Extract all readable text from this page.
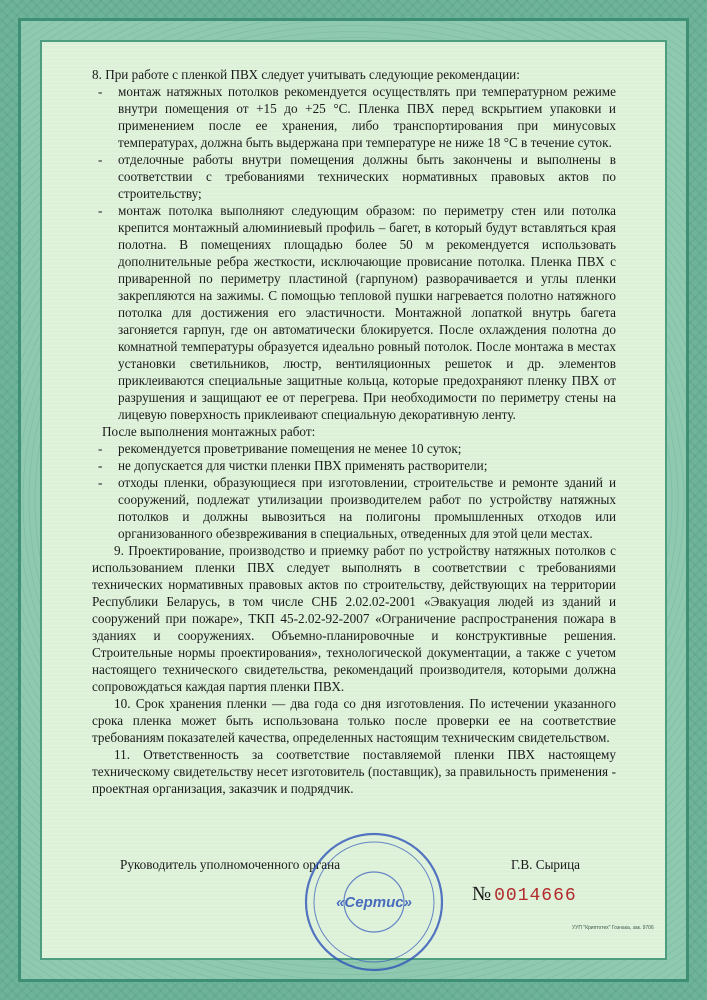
8. При работе с пленкой ПВХ следует учитывать следующие рекомендации:

- монтаж натяжных потолков рекомендуется осуществлять при температурном режиме внутри помещения от +15 до +25 °С. Пленка ПВХ перед вскрытием упаковки и применением после ее хранения, либо транспортирования при минусовых температурах, должна быть выдержана при температуре не ниже 18 °С в течение суток.
- отделочные работы внутри помещения должны быть закончены и выполнены в соответствии с требованиями технических нормативных правовых актов по строительству;
- монтаж потолка выполняют следующим образом: по периметру стен или потолка крепится монтажный алюминиевый профиль – багет, в который будут вставляться края полотна. В помещениях площадью более 50 м рекомендуется использовать дополнительные ребра жесткости, исключающие провисание потолка. Пленка ПВХ с приваренной по периметру пластиной (гарпуном) разворачивается и углы пленки закрепляются на зажимы. С помощью тепловой пушки нагревается полотно натяжного потолка для достижения его эластичности. Монтажной лопаткой внутрь багета загоняется гарпун, где он автоматически блокируется. После охлаждения полотна до комнатной температуры образуется идеально ровный потолок. После монтажа в местах установки светильников, люстр, вентиляционных решеток и др. элементов приклеиваются специальные защитные кольца, которые предохраняют пленку ПВХ от разрушения и защищают ее от перегрева. При необходимости по периметру стены на лицевую поверхность приклеивают специальную декоративную ленту.

После выполнения монтажных работ:

- рекомендуется проветривание помещения не менее 10 суток;
- не допускается для чистки пленки ПВХ применять растворители;
- отходы пленки, образующиеся при изготовлении, строительстве и ремонте зданий и сооружений, подлежат утилизации производителем работ по устройству натяжных потолков и должны вывозиться на полигоны промышленных отходов или организованного обезвреживания в специальных, отведенных для этой цели местах.

9. Проектирование, производство и приемку работ по устройству натяжных потолков с использованием пленки ПВХ следует выполнять в соответствии с требованиями технических нормативных правовых актов по строительству, действующих на территории Республики Беларусь, в том числе СНБ 2.02.02-2001 «Эвакуация людей из зданий и сооружений при пожаре», ТКП 45-2.02-92-2007 «Ограничение распространения пожара в зданиях и сооружениях. Объемно-планировочные и конструктивные решения. Строительные нормы проектирования», технологической документации, а также с учетом настоящего технического свидетельства, рекомендаций производителя, которыми должна сопровождаться каждая партия пленки ПВХ.

10. Срок хранения пленки — два года со дня изготовления. По истечении указанного срока пленка может быть использована только после проверки ее на соответствие требованиям показателей качества, определенных настоящим техническим свидетельством.

11. Ответственность за соответствие поставляемой пленки ПВХ настоящему техническому свидетельству несет изготовитель (поставщик), за правильность применения - проектная организация, заказчик и подрядчик.

Руководитель уполномоченного органа	Г.В. Сырица
«Сертис»	№ 0014666
УУП "Криптотех" Гознака, зак. 9706
